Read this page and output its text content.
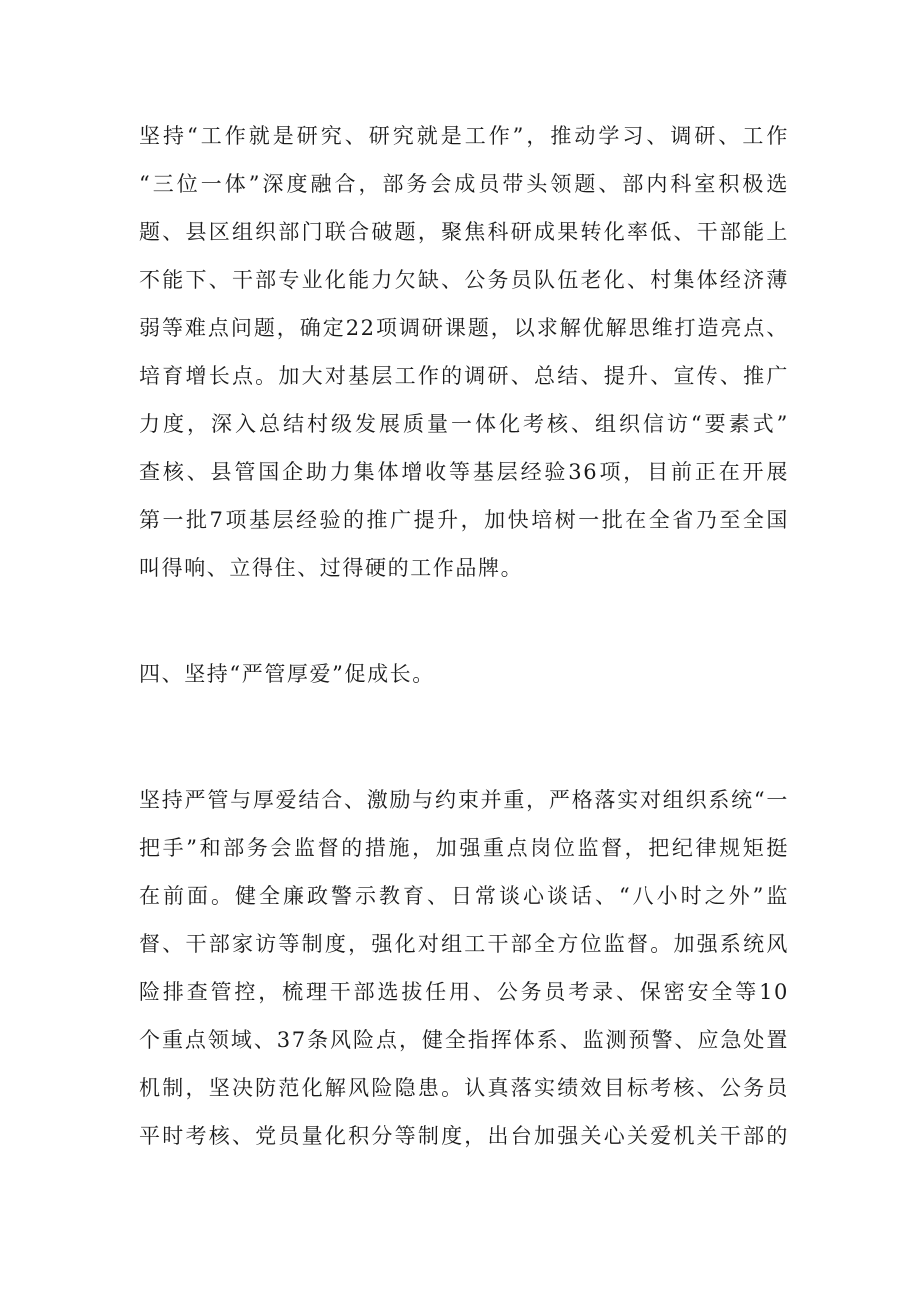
坚持“工作就是研究、研究就是工作”，推动学习、调研、工作
“三位一体”深度融合，部务会成员带头领题、部内科室积极选
题、县区组织部门联合破题，聚焦科研成果转化率低、干部能上
不能下、干部专业化能力欠缺、公务员队伍老化、村集体经济薄
弱等难点问题，确定22项调研课题，以求解优解思维打造亮点、
培育增长点。加大对基层工作的调研、总结、提升、宣传、推广
力度，深入总结村级发展质量一体化考核、组织信访“要素式”
查核、县管国企助力集体增收等基层经验36项，目前正在开展
第一批7项基层经验的推广提升，加快培树一批在全省乃至全国
叫得响、立得住、过得硬的工作品牌。
四、坚持“严管厚爱”促成长。
坚持严管与厚爱结合、激励与约束并重，严格落实对组织系统“一
把手”和部务会监督的措施，加强重点岗位监督，把纪律规矩挺
在前面。健全廉政警示教育、日常谈心谈话、“八小时之外”监
督、干部家访等制度，强化对组工干部全方位监督。加强系统风
险排查管控，梳理干部选拔任用、公务员考录、保密安全等10
个重点领域、37条风险点，健全指挥体系、监测预警、应急处置
机制，坚决防范化解风险隐患。认真落实绩效目标考核、公务员
平时考核、党员量化积分等制度，出台加强关心关爱机关干部的
